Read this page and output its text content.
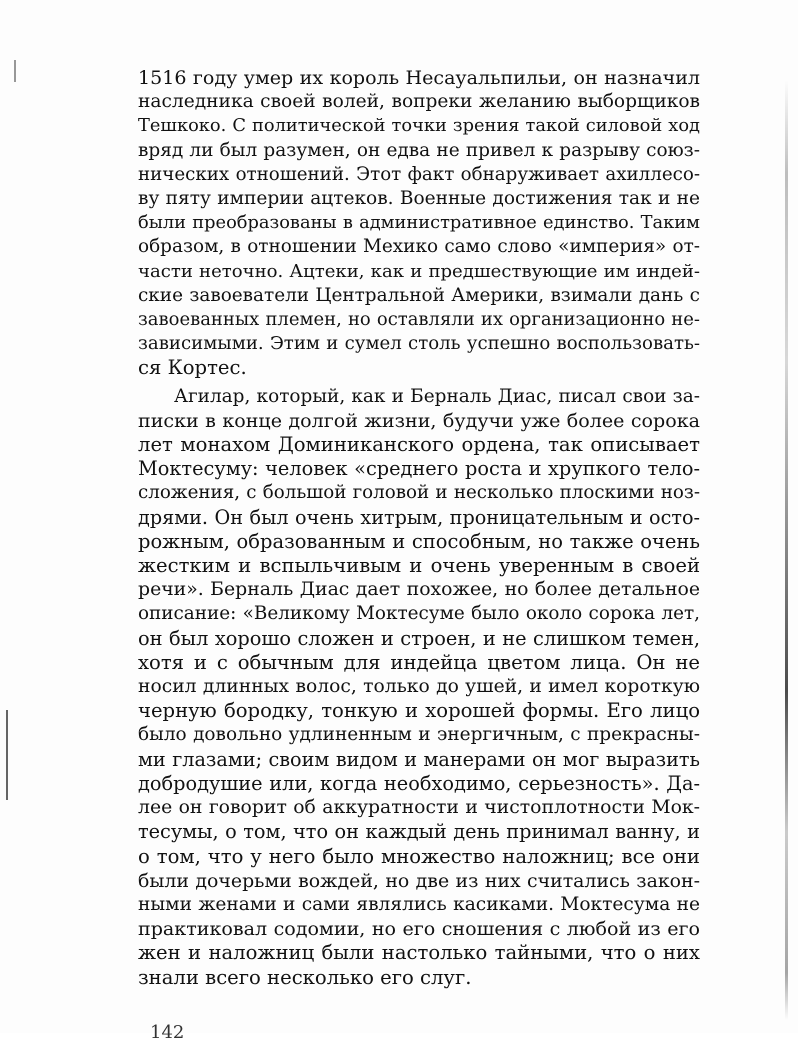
1516 году умер их король Несауальпильи, он назначил
наследника своей волей, вопреки желанию выборщиков
Тешкоко. С политической точки зрения такой силовой ход
вряд ли был разумен, он едва не привел к разрыву союз-
нических отношений. Этот факт обнаруживает ахиллесо-
ву пяту империи ацтеков. Военные достижения так и не
были преобразованы в административное единство. Таким
образом, в отношении Мехико само слово «империя» от-
части неточно. Ацтеки, как и предшествующие им индей-
ские завоеватели Центральной Америки, взимали дань с
завоеванных племен, но оставляли их организационно не-
зависимыми. Этим и сумел столь успешно воспользовать-
ся Кортес.
Агилар, который, как и Берналь Диас, писал свои за-
писки в конце долгой жизни, будучи уже более сорока
лет монахом Доминиканского ордена, так описывает
Моктесуму: человек «среднего роста и хрупкого тело-
сложения, с большой головой и несколько плоскими ноз-
дрями. Он был очень хитрым, проницательным и осто-
рожным, образованным и способным, но также очень
жестким и вспыльчивым и очень уверенным в своей
речи». Берналь Диас дает похожее, но более детальное
описание: «Великому Моктесуме было около сорока лет,
он был хорошо сложен и строен, и не слишком темен,
хотя и с обычным для индейца цветом лица. Он не
носил длинных волос, только до ушей, и имел короткую
черную бородку, тонкую и хорошей формы. Его лицо
было довольно удлиненным и энергичным, с прекрасны-
ми глазами; своим видом и манерами он мог выразить
добродушие или, когда необходимо, серьезность». Да-
лее он говорит об аккуратности и чистоплотности Мок-
тесумы, о том, что он каждый день принимал ванну, и
о том, что у него было множество наложниц; все они
были дочерьми вождей, но две из них считались закон-
ными женами и сами являлись касиками. Моктесума не
практиковал содомии, но его сношения с любой из его
жен и наложниц были настолько тайными, что о них
знали всего несколько его слуг.
142
